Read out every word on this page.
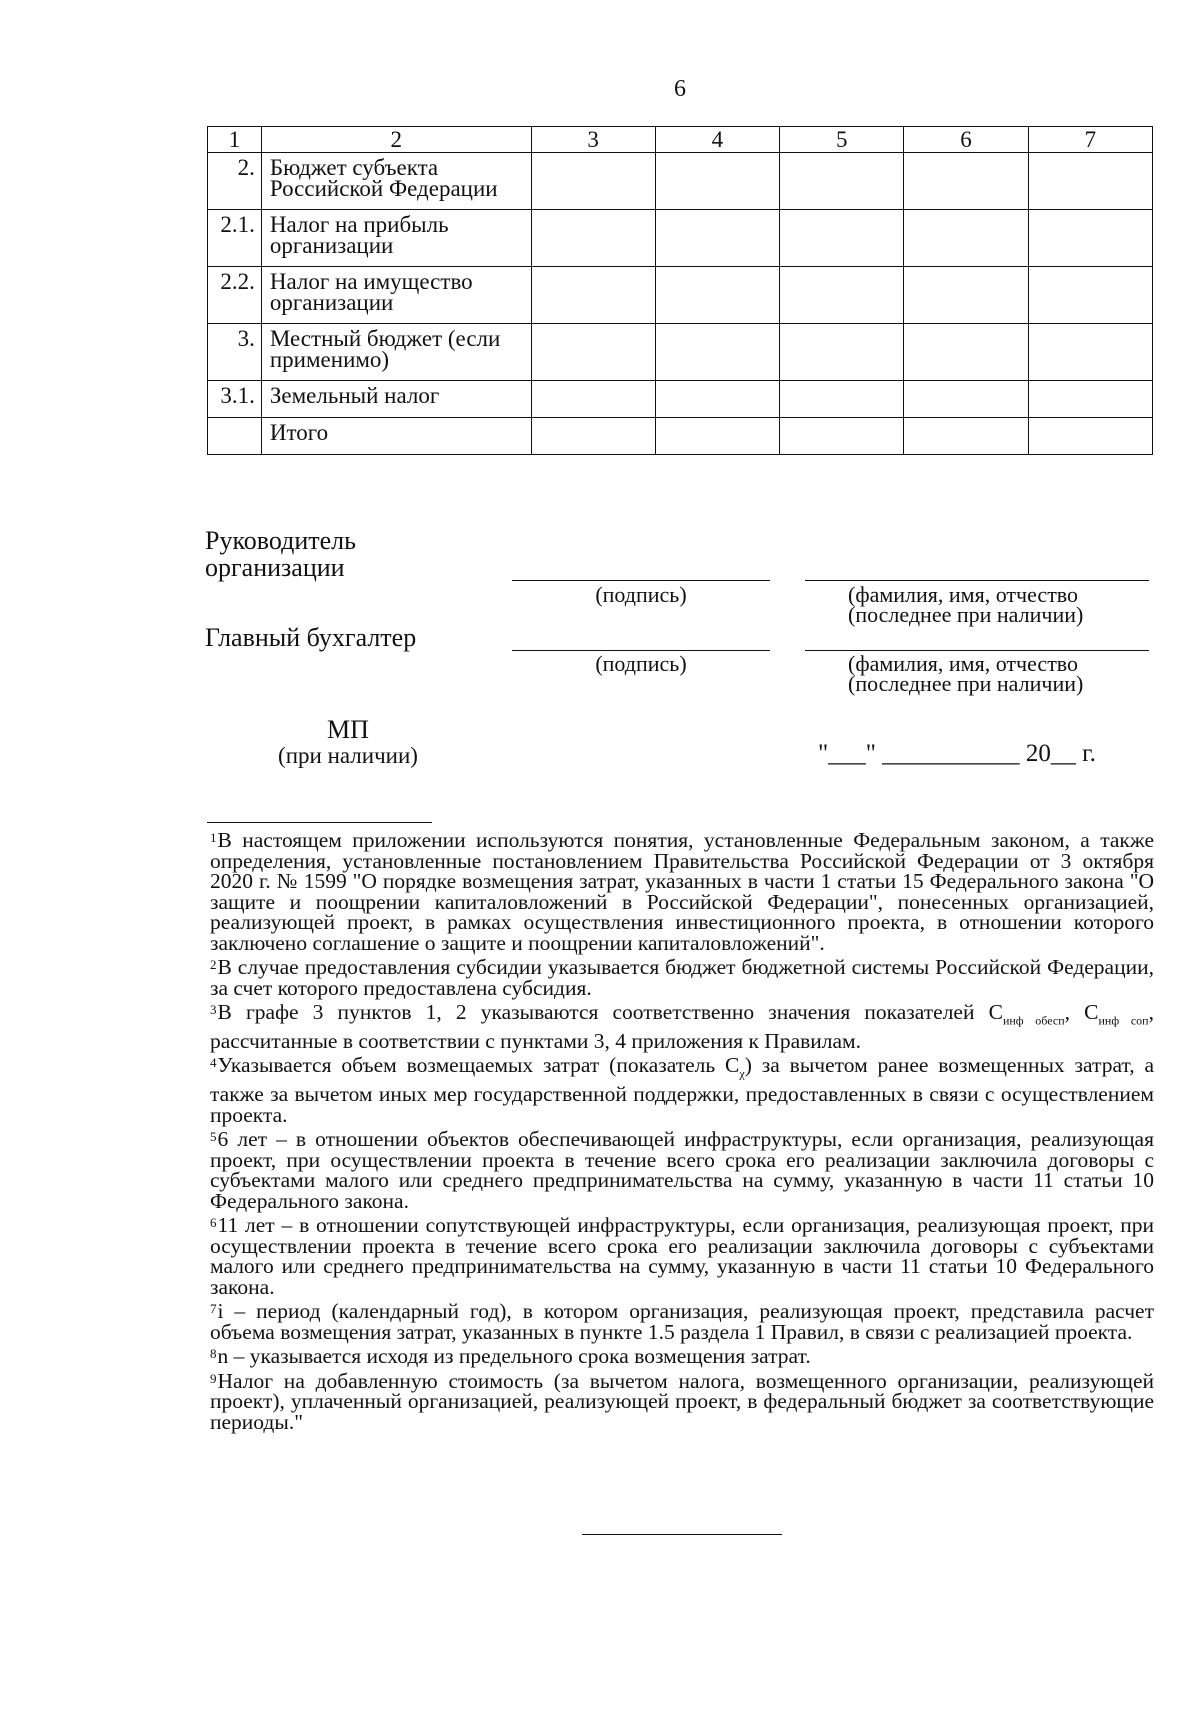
6
1	2	3	4	5	6	7
2.	Бюджет субъекта Российской Федерации					
2.1.	Налог на прибыль организации					
2.2.	Налог на имущество организации					
3.	Местный бюджет (если применимо)					
3.1.	Земельный налог					
	Итого					
Руководитель организации
(подпись)	(фамилия, имя, отчество (последнее при наличии)
Главный бухгалтер
(подпись)	(фамилия, имя, отчество (последнее при наличии)
МП
(при наличии)	"___" ___________ 20__ г.

$^1$В настоящем приложении используются понятия, установленные Федеральным законом, а также определения, установленные постановлением Правительства Российской Федерации от 3 октября 2020 г. № 1599 "О порядке возмещения затрат, указанных в части 1 статьи 15 Федерального закона "О защите и поощрении капиталовложений в Российской Федерации", понесенных организацией, реализующей проект, в рамках осуществления инвестиционного проекта, в отношении которого заключено соглашение о защите и поощрении капиталовложений".

$^2$В случае предоставления субсидии указывается бюджет бюджетной системы Российской Федерации, за счет которого предоставлена субсидия.

$^3$В графе 3 пунктов 1, 2 указываются соответственно значения показателей $С_{инф обесп}$, $С_{инф соп}$, рассчитанные в соответствии с пунктами 3, 4 приложения к Правилам.

$^4$Указывается объем возмещаемых затрат (показатель $С_\chi$) за вычетом ранее возмещенных затрат, а также за вычетом иных мер государственной поддержки, предоставленных в связи с осуществлением проекта.

$^5$6 лет – в отношении объектов обеспечивающей инфраструктуры, если организация, реализующая проект, при осуществлении проекта в течение всего срока его реализации заключила договоры с субъектами малого или среднего предпринимательства на сумму, указанную в части 11 статьи 10 Федерального закона.

$^6$11 лет – в отношении сопутствующей инфраструктуры, если организация, реализующая проект, при осуществлении проекта в течение всего срока его реализации заключила договоры с субъектами малого или среднего предпринимательства на сумму, указанную в части 11 статьи 10 Федерального закона.

$^7$i – период (календарный год), в котором организация, реализующая проект, представила расчет объема возмещения затрат, указанных в пункте 1.5 раздела 1 Правил, в связи с реализацией проекта.

$^8$n – указывается исходя из предельного срока возмещения затрат.

$^9$Налог на добавленную стоимость (за вычетом налога, возмещенного организации, реализующей проект), уплаченный организацией, реализующей проект, в федеральный бюджет за соответствующие периоды."
